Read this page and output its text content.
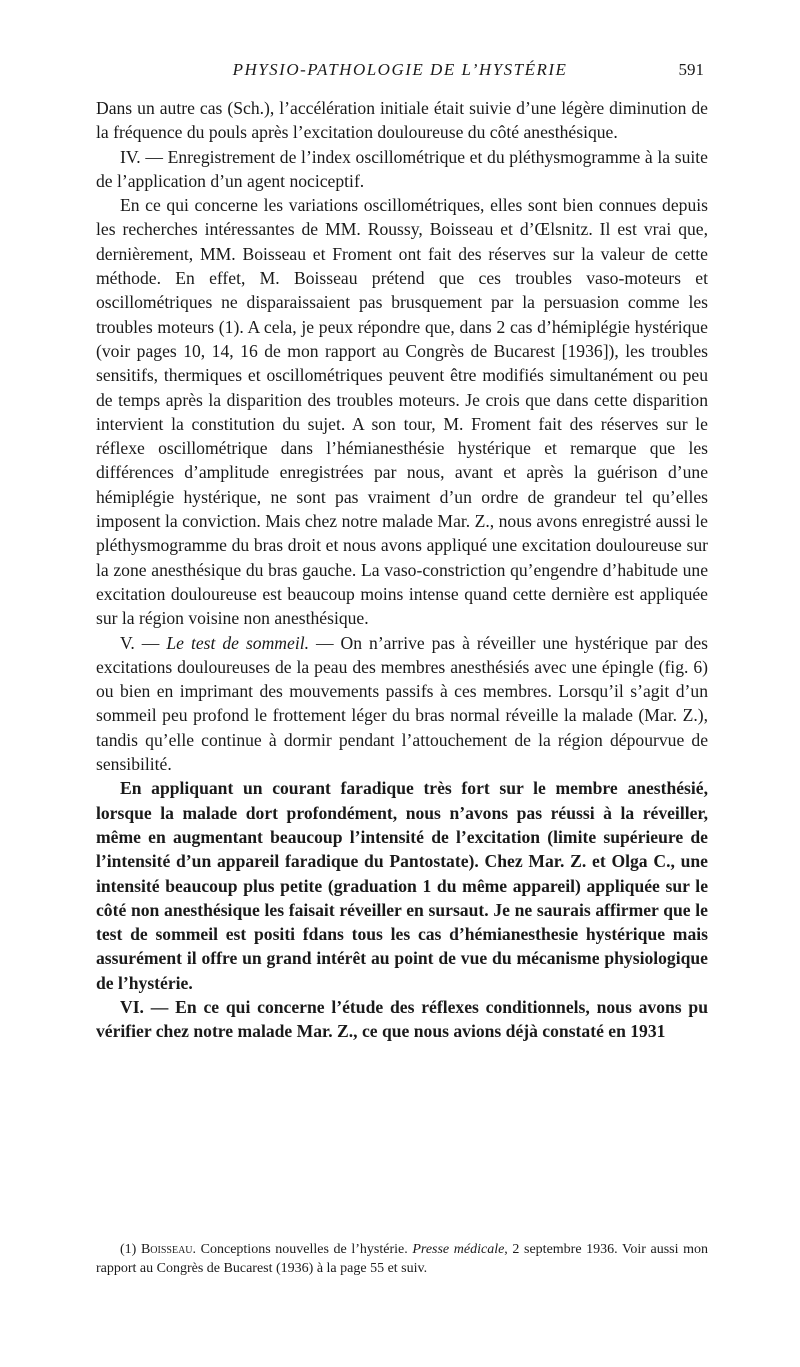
PHYSIO-PATHOLOGIE DE L’HYSTÉRIE	591

Dans un autre cas (Sch.), l’accélération initiale était suivie d’une légère diminution de la fréquence du pouls après l’excitation douloureuse du côté anesthésique.

IV. — Enregistrement de l’index oscillométrique et du pléthysmogramme à la suite de l’application d’un agent nociceptif.

En ce qui concerne les variations oscillométriques, elles sont bien connues depuis les recherches intéressantes de MM. Roussy, Boisseau et d’Œlsnitz. Il est vrai que, dernièrement, MM. Boisseau et Froment ont fait des réserves sur la valeur de cette méthode. En effet, M. Boisseau prétend que ces troubles vaso-moteurs et oscillométriques ne disparaissaient pas brusquement par la persuasion comme les troubles moteurs (1). A cela, je peux répondre que, dans 2 cas d’hémiplégie hystérique (voir pages 10, 14, 16 de mon rapport au Congrès de Bucarest [1936]), les troubles sensitifs, thermiques et oscillométriques peuvent être modifiés simultanément ou peu de temps après la disparition des troubles moteurs. Je crois que dans cette disparition intervient la constitution du sujet. A son tour, M. Froment fait des réserves sur le réflexe oscillométrique dans l’hémianesthésie hystérique et remarque que les différences d’amplitude enregistrées par nous, avant et après la guérison d’une hémiplégie hystérique, ne sont pas vraiment d’un ordre de grandeur tel qu’elles imposent la conviction. Mais chez notre malade Mar. Z., nous avons enregistré aussi le pléthysmogramme du bras droit et nous avons appliqué une excitation douloureuse sur la zone anesthésique du bras gauche. La vaso-constriction qu’engendre d’habitude une excitation douloureuse est beaucoup moins intense quand cette dernière est appliquée sur la région voisine non anesthésique.

V. — Le test de sommeil. — On n’arrive pas à réveiller une hystérique par des excitations douloureuses de la peau des membres anesthésiés avec une épingle (fig. 6) ou bien en imprimant des mouvements passifs à ces membres. Lorsqu’il s’agit d’un sommeil peu profond le frottement léger du bras normal réveille la malade (Mar. Z.), tandis qu’elle continue à dormir pendant l’attouchement de la région dépourvue de sensibilité.

En appliquant un courant faradique très fort sur le membre anesthésié, lorsque la malade dort profondément, nous n’avons pas réussi à la réveiller, même en augmentant beaucoup l’intensité de l’excitation (limite supérieure de l’intensité d’un appareil faradique du Pantostate). Chez Mar. Z. et Olga C., une intensité beaucoup plus petite (graduation 1 du même appareil) appliquée sur le côté non anesthésique les faisait réveiller en sursaut. Je ne saurais affirmer que le test de sommeil est positi fdans tous les cas d’hémianesthesie hystérique mais assurément il offre un grand intérêt au point de vue du mécanisme physiologique de l’hystérie.

VI. — En ce qui concerne l’étude des réflexes conditionnels, nous avons pu vérifier chez notre malade Mar. Z., ce que nous avions déjà constaté en 1931

(1) Boisseau. Conceptions nouvelles de l’hystérie. Presse médicale, 2 septembre 1936. Voir aussi mon rapport au Congrès de Bucarest (1936) à la page 55 et suiv.
